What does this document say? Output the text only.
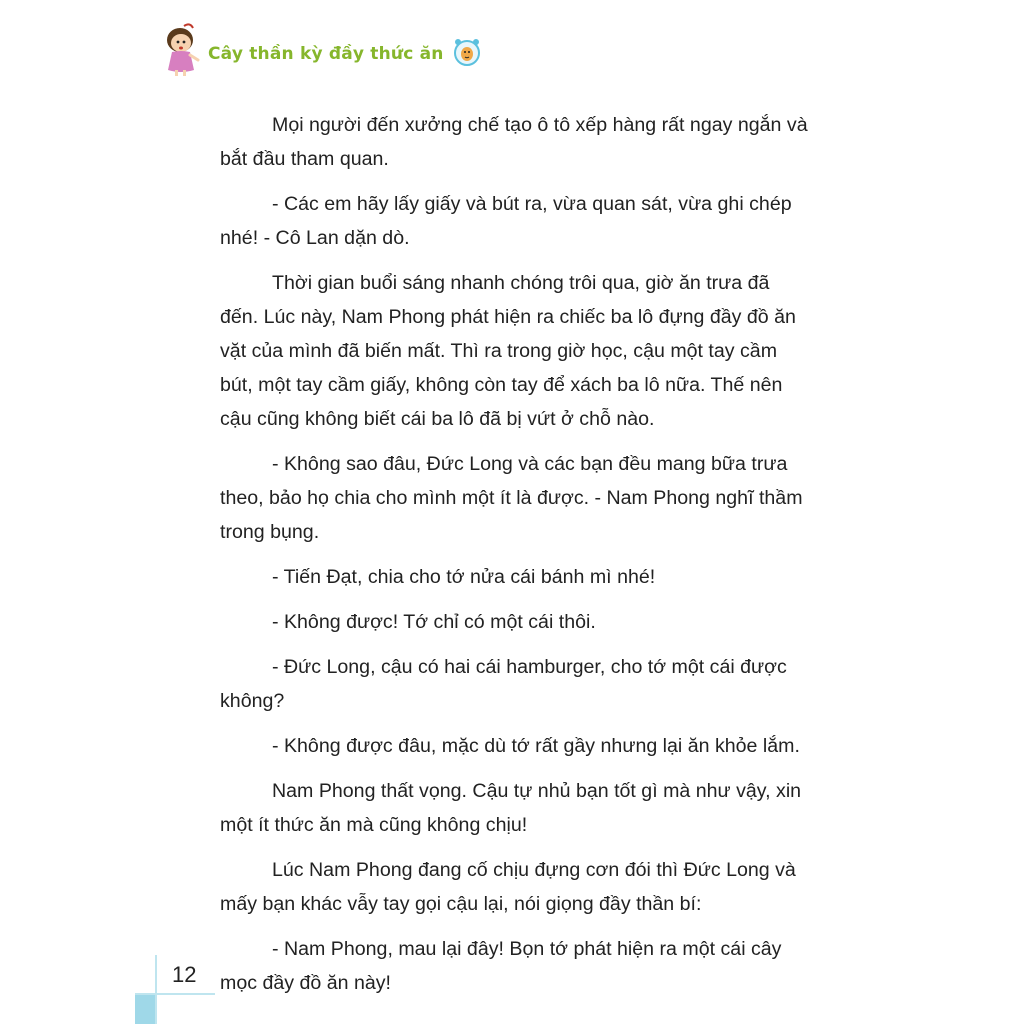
Cây thần kỳ đầy thức ăn

Mọi người đến xưởng chế tạo ô tô xếp hàng rất ngay ngắn và bắt đầu tham quan.

- Các em hãy lấy giấy và bút ra, vừa quan sát, vừa ghi chép nhé! - Cô Lan dặn dò.

Thời gian buổi sáng nhanh chóng trôi qua, giờ ăn trưa đã đến. Lúc này, Nam Phong phát hiện ra chiếc ba lô đựng đầy đồ ăn vặt của mình đã biến mất. Thì ra trong giờ học, cậu một tay cầm bút, một tay cầm giấy, không còn tay để xách ba lô nữa. Thế nên cậu cũng không biết cái ba lô đã bị vứt ở chỗ nào.

- Không sao đâu, Đức Long và các bạn đều mang bữa trưa theo, bảo họ chia cho mình một ít là được. - Nam Phong nghĩ thầm trong bụng.

- Tiến Đạt, chia cho tớ nửa cái bánh mì nhé!

- Không được! Tớ chỉ có một cái thôi.

- Đức Long, cậu có hai cái hamburger, cho tớ một cái được không?

- Không được đâu, mặc dù tớ rất gầy nhưng lại ăn khỏe lắm.

Nam Phong thất vọng. Cậu tự nhủ bạn tốt gì mà như vậy, xin một ít thức ăn mà cũng không chịu!

Lúc Nam Phong đang cố chịu đựng cơn đói thì Đức Long và mấy bạn khác vẫy tay gọi cậu lại, nói giọng đầy thần bí:

- Nam Phong, mau lại đây! Bọn tớ phát hiện ra một cái cây mọc đầy đồ ăn này!

12
